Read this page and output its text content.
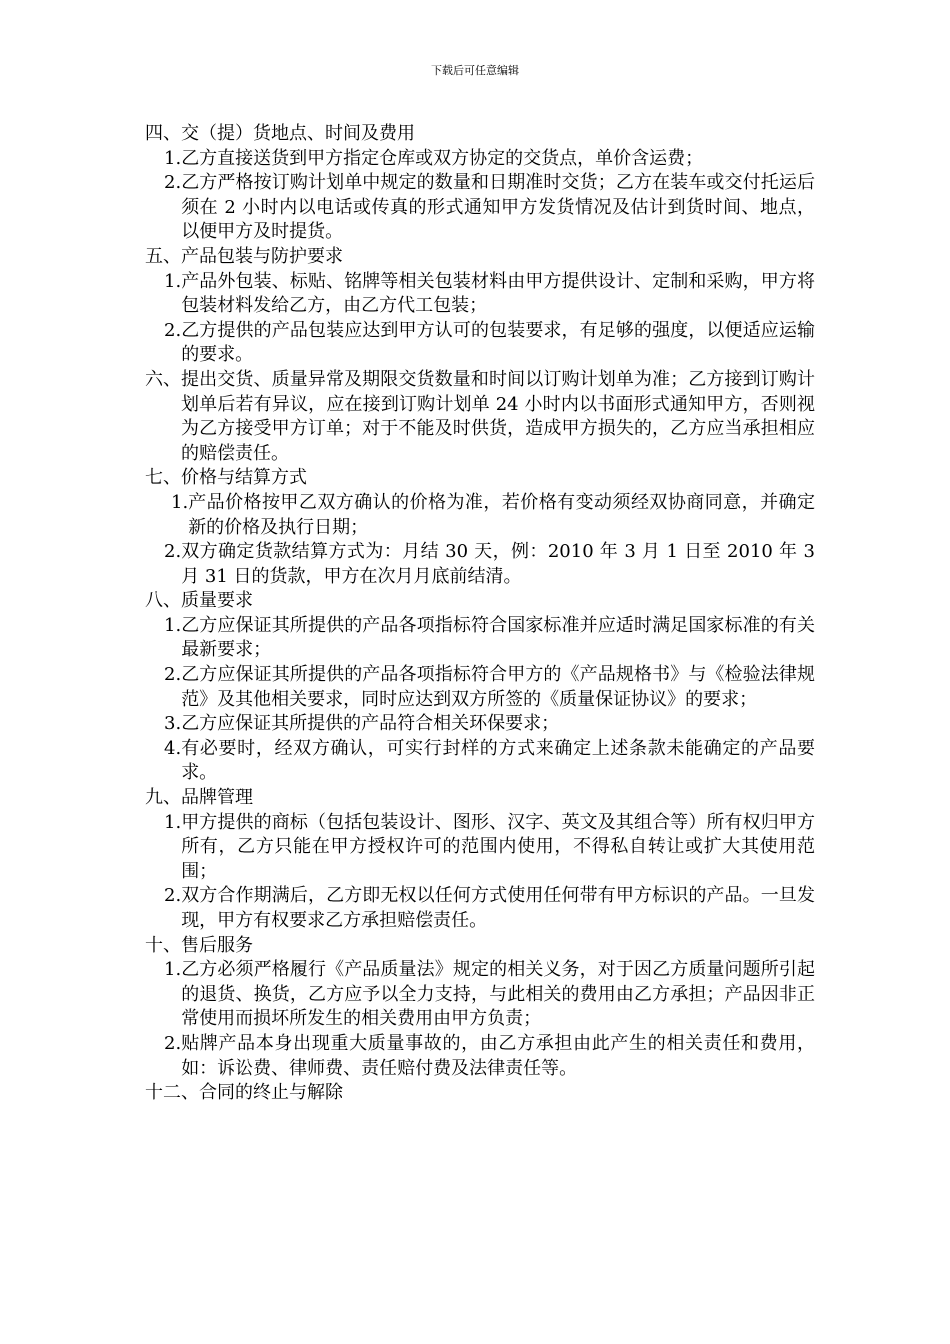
下载后可任意编辑
四、交（提）货地点、时间及费用
1. 乙方直接送货到甲方指定仓库或双方协定的交货点，单价含运费；
2. 乙方严格按订购计划单中规定的数量和日期准时交货；乙方在装车或交付托运后须在 2 小时内以电话或传真的形式通知甲方发货情况及估计到货时间、地点，以便甲方及时提货。
五、产品包装与防护要求
1. 产品外包装、标贴、铭牌等相关包装材料由甲方提供设计、定制和采购，甲方将包装材料发给乙方，由乙方代工包装；
2. 乙方提供的产品包装应达到甲方认可的包装要求，有足够的强度，以便适应运输的要求。
六、 提出交货、质量异常及期限交货数量和时间以订购计划单为准；乙方接到订购计划单后若有异议，应在接到订购计划单 24 小时内以书面形式通知甲方，否则视为乙方接受甲方订单；对于不能及时供货，造成甲方损失的，乙方应当承担相应的赔偿责任。
七、价格与结算方式
1. 产品价格按甲乙双方确认的价格为准，若价格有变动须经双协商同意，并确定新的价格及执行日期；
2. 双方确定货款结算方式为：月结 30 天，例：2010 年 3 月 1 日至 2010 年 3 月 31 日的货款，甲方在次月月底前结清。
八、质量要求
1. 乙方应保证其所提供的产品各项指标符合国家标准并应适时满足国家标准的有关最新要求；
2. 乙方应保证其所提供的产品各项指标符合甲方的《产品规格书》与《检验法律规范》及其他相关要求，同时应达到双方所签的《质量保证协议》的要求；
3. 乙方应保证其所提供的产品符合相关环保要求；
4. 有必要时，经双方确认，可实行封样的方式来确定上述条款未能确定的产品要求。
九、品牌管理
1. 甲方提供的商标（包括包装设计、图形、汉字、英文及其组合等）所有权归甲方所有，乙方只能在甲方授权许可的范围内使用，不得私自转让或扩大其使用范围；
2. 双方合作期满后，乙方即无权以任何方式使用任何带有甲方标识的产品。一旦发现，甲方有权要求乙方承担赔偿责任。
十、售后服务
1. 乙方必须严格履行《产品质量法》规定的相关义务，对于因乙方质量问题所引起的退货、换货，乙方应予以全力支持，与此相关的费用由乙方承担；产品因非正常使用而损坏所发生的相关费用由甲方负责；
2. 贴牌产品本身出现重大质量事故的，由乙方承担由此产生的相关责任和费用，如：诉讼费、律师费、责任赔付费及法律责任等。
十二、合同的终止与解除
